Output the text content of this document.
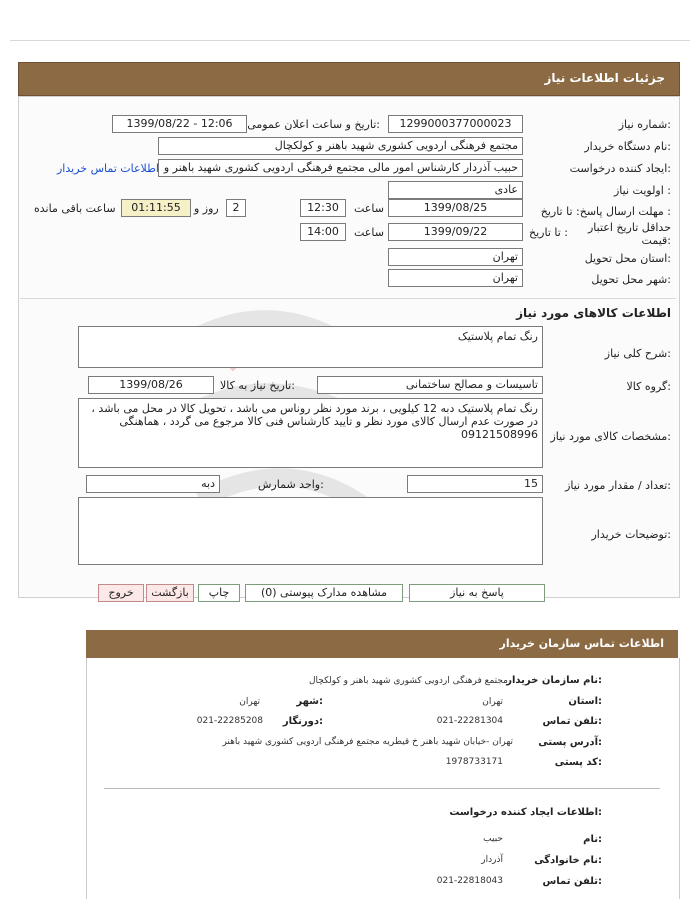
جزئیات اطلاعات نیاز
شماره نیاز:
1299000377000023
تاریخ و ساعت اعلان عمومی:
1399/08/22 - 12:06
نام دستگاه خریدار:
مجتمع فرهنگی اردویی کشوری شهید باهنر و کولکچال
ایجاد کننده درخواست:
حبیب آذردار کارشناس امور مالی مجتمع فرهنگی اردویی کشوری شهید باهنر و
اطلاعات تماس خریدار
اولویت نیاز :
عادی
مهلت ارسال پاسخ: تا تاریخ :
1399/08/25
ساعت
12:30
2
روز و
01:11:55
ساعت باقی مانده
حداقل تاریخ اعتبار قیمت:
تا تاریخ :
1399/09/22
ساعت
14:00
استان محل تحویل:
تهران
شهر محل تحویل:
تهران
اطلاعات کالاهای مورد نیاز
شرح کلی نیاز:
رنگ تمام پلاستیک
گروه کالا:
تاسیسات و مصالح ساختمانی
تاریخ نیاز به کالا:
1399/08/26
مشخصات کالای مورد نیاز:
رنگ تمام پلاستیک دبه 12 کیلویی ، برند مورد نظر روناس می باشد ، تحویل کالا در محل می باشد ، در صورت عدم ارسال کالای مورد نظر و تایید کارشناس فنی کالا مرجوع می گردد ، هماهنگی 09121508996
تعداد / مقدار مورد نیاز:
15
واحد شمارش:
دبه
توضیحات خریدار:
پاسخ به نیاز
مشاهده مدارک پیوستی (0)
چاپ
بازگشت
خروج
اطلاعات تماس سازمان خریدار
نام سازمان خریدار:
مجتمع فرهنگی اردویی کشوری شهید باهنر و کولکچال
استان:
تهران
شهر:
تهران
تلفن تماس:
021-22281304
دورنگار:
021-22285208
آدرس پستی:
تهران -خیابان شهید باهنر خ قیطریه مجتمع فرهنگی اردویی کشوری شهید باهنر
کد پستی:
1978733171
اطلاعات ایجاد کننده درخواست:
نام:
حبیب
نام خانوادگی:
آذردار
تلفن تماس:
021-22818043
